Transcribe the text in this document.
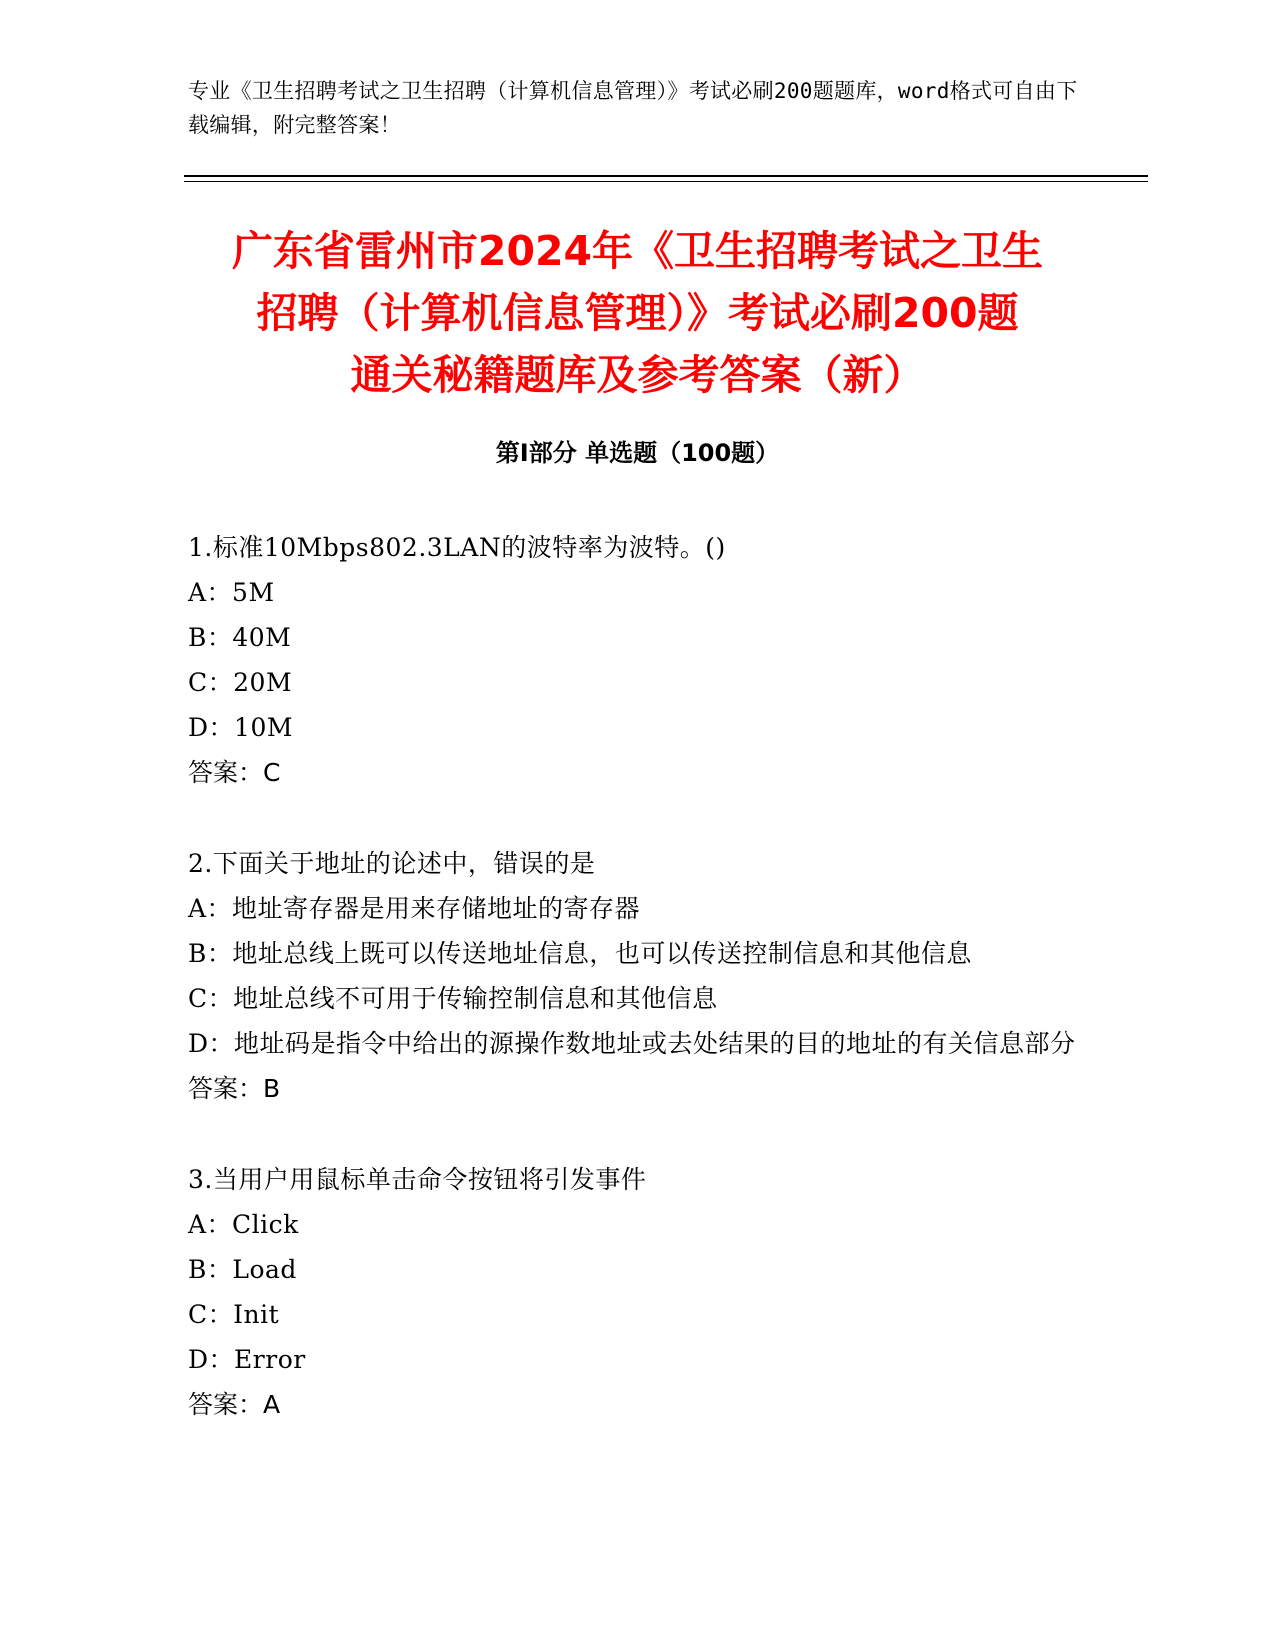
专业《卫生招聘考试之卫生招聘（计算机信息管理）》考试必刷200题题库，word格式可自由下载编辑，附完整答案！
广东省雷州市2024年《卫生招聘考试之卫生
招聘（计算机信息管理）》考试必刷200题
通关秘籍题库及参考答案（新）
第Ⅰ部分 单选题（100题）

1.标准10Mbps802.3LAN的波特率为波特。()

A：5M

B：40M

C：20M

D：10M

答案：C

2.下面关于地址的论述中，错误的是

A：地址寄存器是用来存储地址的寄存器

B：地址总线上既可以传送地址信息，也可以传送控制信息和其他信息

C：地址总线不可用于传输控制信息和其他信息

D：地址码是指令中给出的源操作数地址或去处结果的目的地址的有关信息部分

答案：B

3.当用户用鼠标单击命令按钮将引发事件

A：Click

B：Load

C：Init

D：Error

答案：A
